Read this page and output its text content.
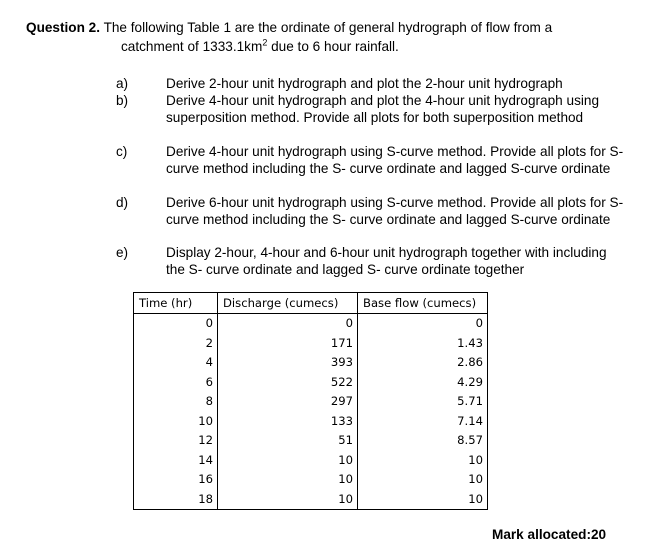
Question 2. The following Table 1 are the ordinate of general hydrograph of flow from a
catchment of $1333.1km^2$ due to 6 hour rainfall.
a)	Derive 2-hour unit hydrograph and plot the 2-hour unit hydrograph
b)	Derive 4-hour unit hydrograph and plot the 4-hour unit hydrograph using superposition method. Provide all plots for both superposition method
c)	Derive 4-hour unit hydrograph using S-curve method. Provide all plots for S-curve method including the S- curve ordinate and lagged S-curve ordinate
d)	Derive 6-hour unit hydrograph using S-curve method. Provide all plots for S-curve method including the S- curve ordinate and lagged S-curve ordinate
e)	Display 2-hour, 4-hour and 6-hour unit hydrograph together with including the S- curve ordinate and lagged S- curve ordinate together
Time (hr)	Discharge (cumecs)	Base flow (cumecs)
0	0	0
2	171	1.43
4	393	2.86
6	522	4.29
8	297	5.71
10	133	7.14
12	51	8.57
14	10	10
16	10	10
18	10	10
Mark allocated:20
